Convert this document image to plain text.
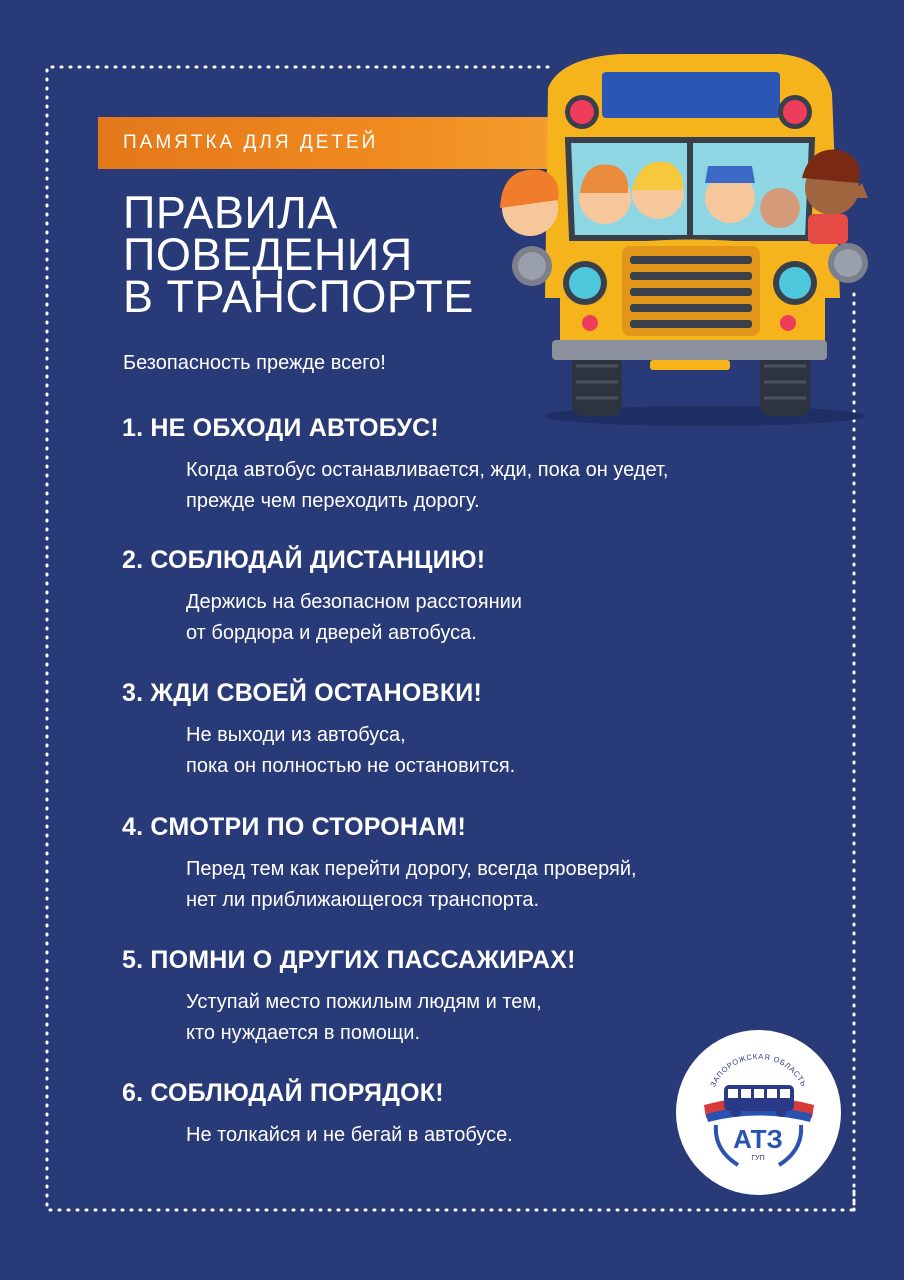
ПАМЯТКА ДЛЯ ДЕТЕЙ
ПРАВИЛА
ПОВЕДЕНИЯ
В ТРАНСПОРТЕ
Безопасность прежде всего!
1. НЕ ОБХОДИ АВТОБУС!
Когда автобус останавливается, жди, пока он уедет,
прежде чем переходить дорогу.
2. СОБЛЮДАЙ ДИСТАНЦИЮ!
Держись на безопасном расстоянии
от бордюра и дверей автобуса.
3. ЖДИ СВОЕЙ ОСТАНОВКИ!
Не выходи из автобуса,
пока он полностью не остановится.
4. СМОТРИ ПО СТОРОНАМ!
Перед тем как перейти дорогу, всегда проверяй,
нет ли приближающегося транспорта.
5. ПОМНИ О ДРУГИХ ПАССАЖИРАХ!
Уступай место пожилым людям и тем,
кто нуждается в помощи.
6. СОБЛЮДАЙ ПОРЯДОК!
Не толкайся и не бегай в автобусе.
ЗАПОРОЖСКАЯ ОБЛАСТЬ
АТЗ
ГУП
